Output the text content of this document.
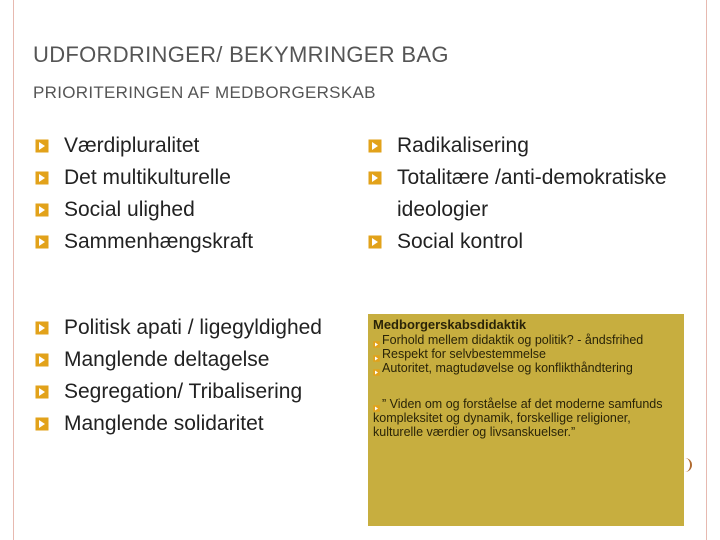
UDFORDRINGER/ BEKYMRINGER BAG
PRIORITERINGEN AF MEDBORGERSKAB
Værdipluralitet
Det multikulturelle
Social ulighed
Sammenhængskraft
Politisk apati / ligegyldighed
Manglende deltagelse
Segregation/ Tribalisering
Manglende solidaritet
Radikalisering
Totalitære /anti-demokratiske ideologier
Social kontrol
Medborgerskabsdidaktik

Forhold mellem didaktik og politik? - åndsfrihed

Respekt for selvbestemmelse

Autoritet, magtudøvelse og konflikthåndtering

” Viden om og forståelse af det moderne samfunds kompleksitet og dynamik, forskellige religioner, kulturelle værdier og livsanskuelser.”
